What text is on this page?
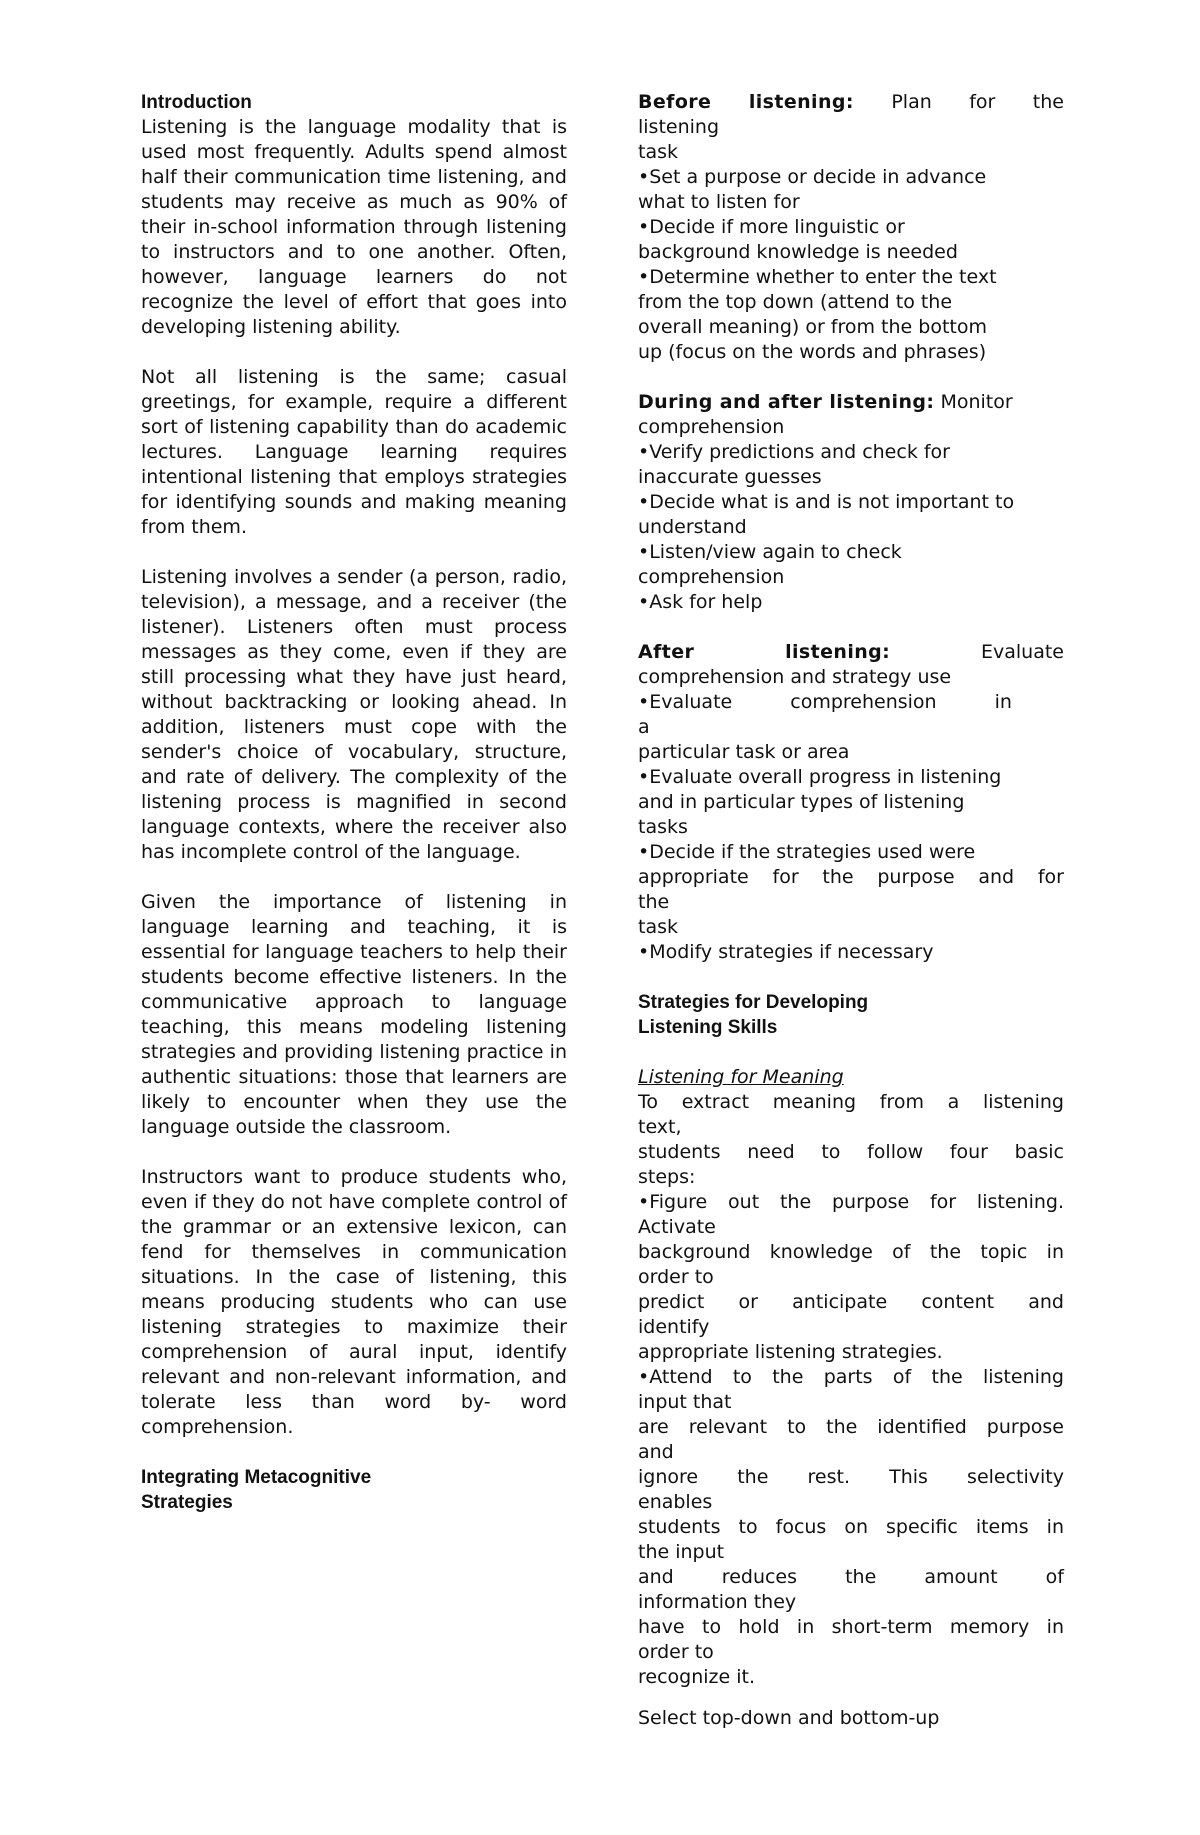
Introduction

Listening is the language modality that is used most frequently. Adults spend almost half their communication time listening, and students may receive as much as 90% of their in-school information through listening to instructors and to one another. Often, however, language learners do not recognize the level of effort that goes into developing listening ability.

Not all listening is the same; casual greetings, for example, require a different sort of listening capability than do academic lectures. Language learning requires intentional listening that employs strategies for identifying sounds and making meaning from them.

Listening involves a sender (a person, radio, television), a message, and a receiver (the listener). Listeners often must process messages as they come, even if they are still processing what they have just heard, without backtracking or looking ahead. In addition, listeners must cope with the sender's choice of vocabulary, structure, and rate of delivery. The complexity of the listening process is magnified in second language contexts, where the receiver also has incomplete control of the language.

Given the importance of listening in language learning and teaching, it is essential for language teachers to help their students become effective listeners. In the communicative approach to language teaching, this means modeling listening strategies and providing listening practice in authentic situations: those that learners are likely to encounter when they use the language outside the classroom.

Instructors want to produce students who, even if they do not have complete control of the grammar or an extensive lexicon, can fend for themselves in communication situations. In the case of listening, this means producing students who can use listening strategies to maximize their comprehension of aural input, identify relevant and non-relevant information, and tolerate less than word by- word comprehension.

Integrating Metacognitive
Strategies

Before listening: Plan for the
listening
task
•Set a purpose or decide in advance
what to listen for
•Decide if more linguistic or
background knowledge is needed
•Determine whether to enter the text
from the top down (attend to the
overall meaning) or from the bottom
up (focus on the words and phrases)
During and after listening: Monitor
comprehension
•Verify predictions and check for
inaccurate guesses
•Decide what is and is not important to
understand
•Listen/view again to check
comprehension
•Ask for help
After	listening:	Evaluate
comprehension and strategy use
•Evaluate comprehension in a
particular task or area
•Evaluate overall progress in listening
and in particular types of listening
tasks
•Decide if the strategies used were
appropriate for the purpose and for
the
task
•Modify strategies if necessary
Strategies for Developing
Listening Skills
Listening for Meaning
To extract meaning from a listening
text,
students need to follow four basic
steps:
•Figure out the purpose for listening.
Activate
background knowledge of the topic in
order to
predict or anticipate content and
identify
appropriate listening strategies.
•Attend to the parts of the listening
input that
are relevant to the identified purpose
and
ignore the rest. This selectivity
enables
students to focus on specific items in
the input
and reduces the amount of
information they
have to hold in short-term memory in
order to
recognize it.
Select top-down and bottom-up
